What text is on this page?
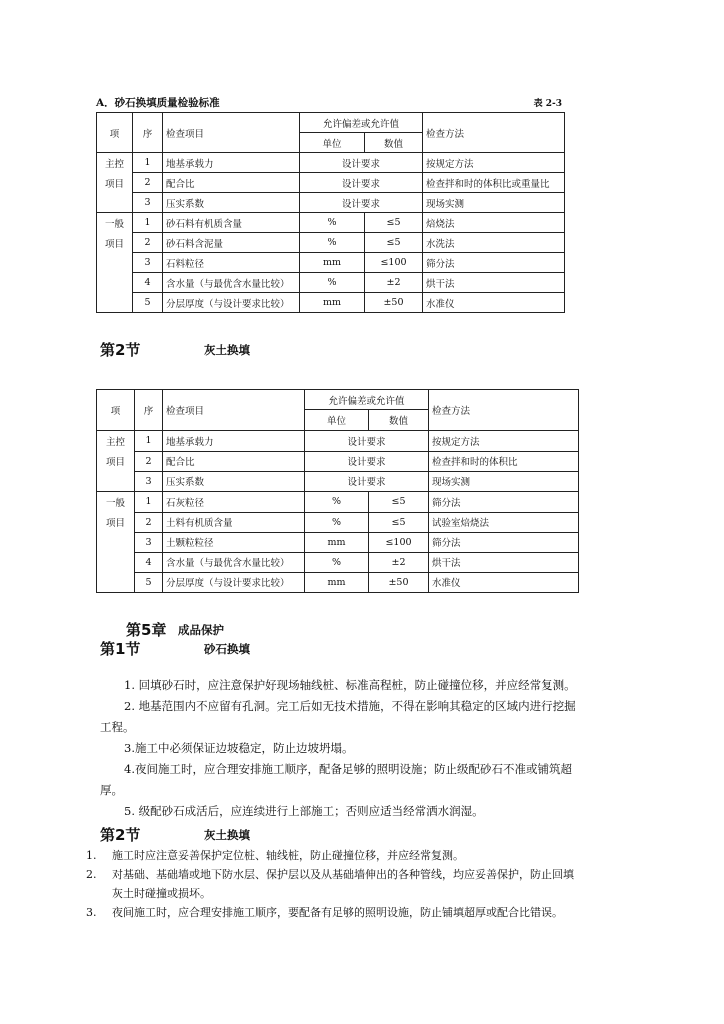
A．砂石换填质量检验标准	表 2-3
项	序	检查项目	允许偏差或允许值		检查方法
			单位	数值	
主控	1	地基承载力	设计要求		按规定方法
项目	2	配合比	设计要求		检查拌和时的体积比或重量比
	3	压实系数	设计要求		现场实测
一般	1	砂石料有机质含量	%	≤5	焙烧法
项目	2	砂石料含泥量	%	≤5	水洗法
	3	石料粒径	mm	≤100	筛分法
	4	含水量（与最优含水量比较）	%	±2	烘干法
	5	分层厚度（与设计要求比较）	mm	±50	水准仪
第2节	灰土换填
项	序	检查项目	允许偏差或允许值		检查方法
			单位	数值	
主控	1	地基承载力	设计要求		按规定方法
项目	2	配合比	设计要求		检查拌和时的体积比
	3	压实系数	设计要求		现场实测
一般	1	石灰粒径	%	≤5	筛分法
项目	2	土料有机质含量	%	≤5	试验室焙烧法
	3	土颗粒粒径	mm	≤100	筛分法
	4	含水量（与最优含水量比较）	%	±2	烘干法
	5	分层厚度（与设计要求比较）	mm	±50	水准仪
第5章 成品保护
第1节	砂石换填

1. 回填砂石时，应注意保护好现场轴线桩、标准高程桩，防止碰撞位移，并应经常复测。

2. 地基范围内不应留有孔洞。完工后如无技术措施，不得在影响其稳定的区域内进行挖掘

工程。

3.施工中必须保证边坡稳定，防止边坡坍塌。

4.夜间施工时，应合理安排施工顺序，配备足够的照明设施；防止级配砂石不准或铺筑超

厚。

5. 级配砂石成活后，应连续进行上部施工；否则应适当经常洒水润湿。

第2节	灰土换填
1. 施工时应注意妥善保护定位桩、轴线桩，防止碰撞位移，并应经常复测。
2. 对基础、基础墙或地下防水层、保护层以及从基础墙伸出的各种管线，均应妥善保护，防止回填
灰土时碰撞或损坏。
3. 夜间施工时，应合理安排施工顺序，要配备有足够的照明设施，防止铺填超厚或配合比错误。
